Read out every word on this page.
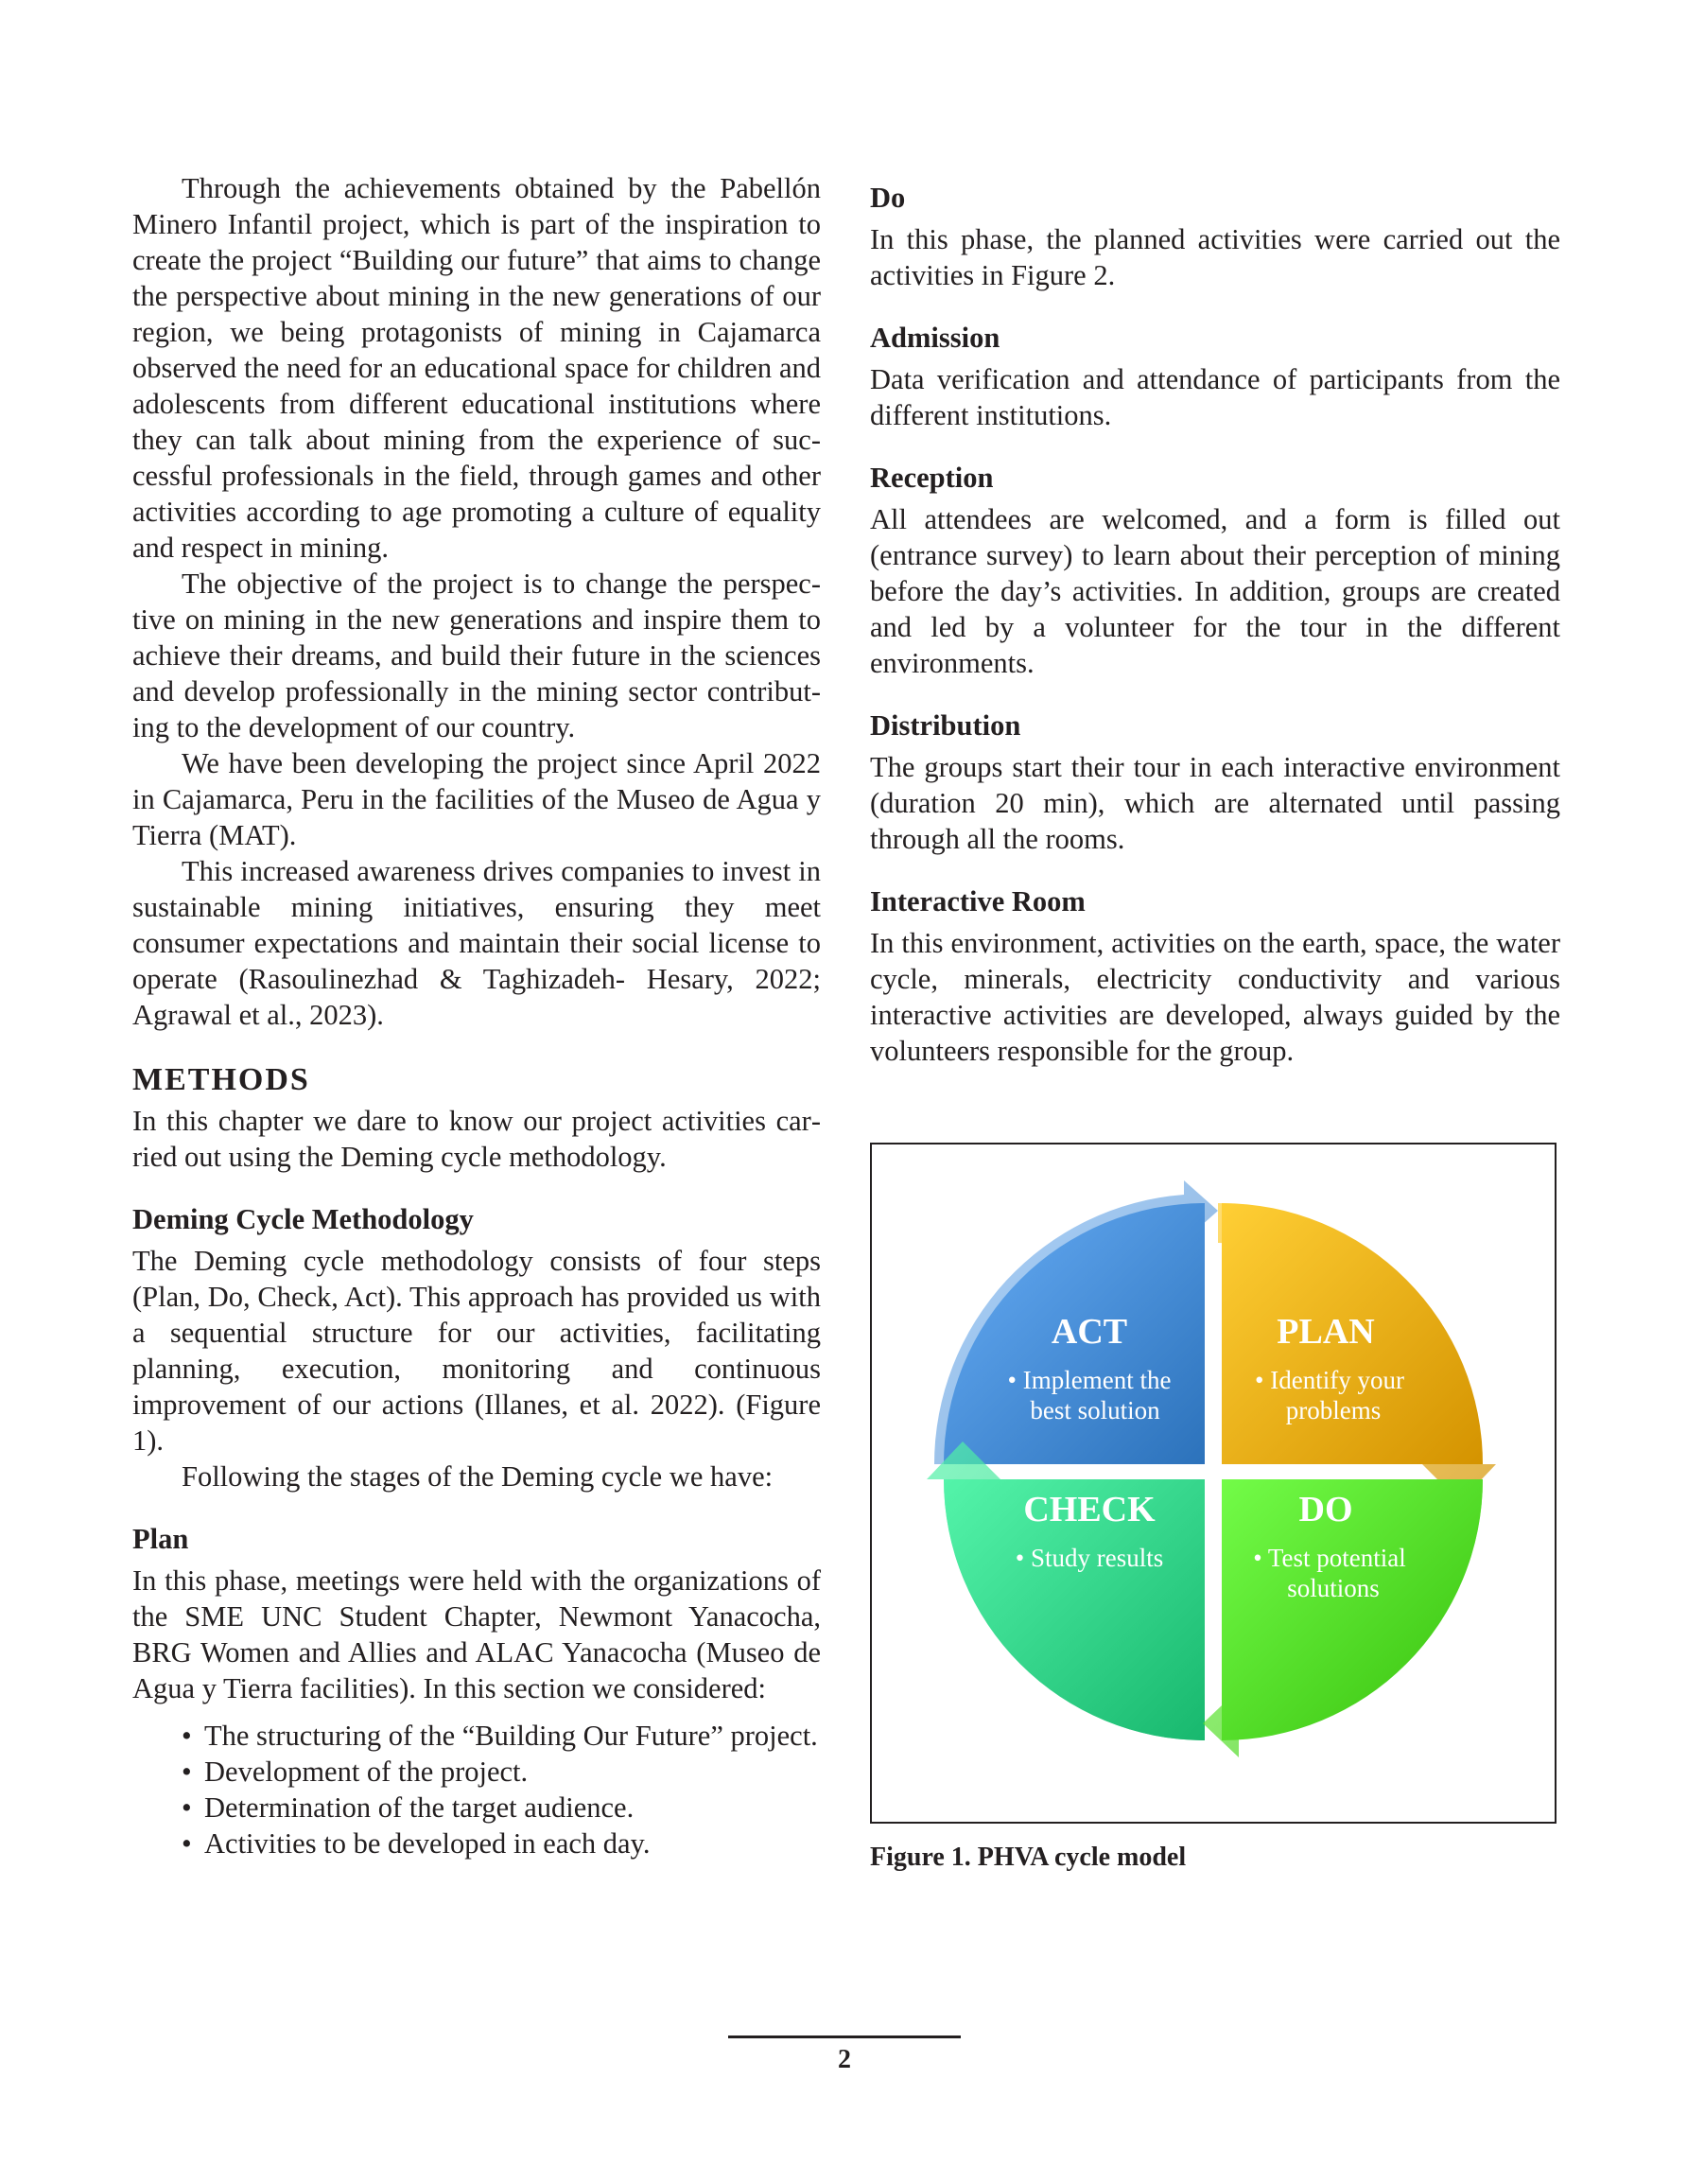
Through the achievements obtained by the Pabellón Minero Infantil project, which is part of the inspiration to create the project “Building our future” that aims to change the perspective about mining in the new generations of our region, we being protagonists of mining in Cajamarca observed the need for an educational space for children and adolescents from different educational institutions where they can talk about mining from the experience of successful professionals in the field, through games and other activities according to age promoting a culture of equality and respect in mining.

The objective of the project is to change the perspective on mining in the new generations and inspire them to achieve their dreams, and build their future in the sciences and develop professionally in the mining sector contributing to the development of our country.

We have been developing the project since April 2022 in Cajamarca, Peru in the facilities of the Museo de Agua y Tierra (MAT).

This increased awareness drives companies to invest in sustainable mining initiatives, ensuring they meet consumer expectations and maintain their social license to operate (Rasoulinezhad & Taghizadeh- Hesary, 2022; Agrawal et al., 2023).

METHODS

In this chapter we dare to know our project activities carried out using the Deming cycle methodology.

Deming Cycle Methodology

The Deming cycle methodology consists of four steps (Plan, Do, Check, Act). This approach has provided us with a sequential structure for our activities, facilitating planning, execution, monitoring and continuous improvement of our actions (Illanes, et al. 2022). (Figure 1).

Following the stages of the Deming cycle we have:

Plan

In this phase, meetings were held with the organizations of the SME UNC Student Chapter, Newmont Yanacocha, BRG Women and Allies and ALAC Yanacocha (Museo de Agua y Tierra facilities). In this section we considered:

• The structuring of the “Building Our Future” project.
• Development of the project.
• Determination of the target audience.
• Activities to be developed in each day.
Do

In this phase, the planned activities were carried out the activities in Figure 2.

Admission

Data verification and attendance of participants from the different institutions.

Reception

All attendees are welcomed, and a form is filled out (entrance survey) to learn about their perception of mining before the day’s activities. In addition, groups are created and led by a volunteer for the tour in the different environments.

Distribution

The groups start their tour in each interactive environment (duration 20 min), which are alternated until passing through all the rooms.

Interactive Room

In this environment, activities on the earth, space, the water cycle, minerals, electricity conductivity and various interactive activities are developed, always guided by the volunteers responsible for the group.

ACT
• Implement the
best solution
PLAN
• Identify your
problems
CHECK
• Study results
DO
• Test potential
solutions
Figure 1. PHVA cycle model
2
